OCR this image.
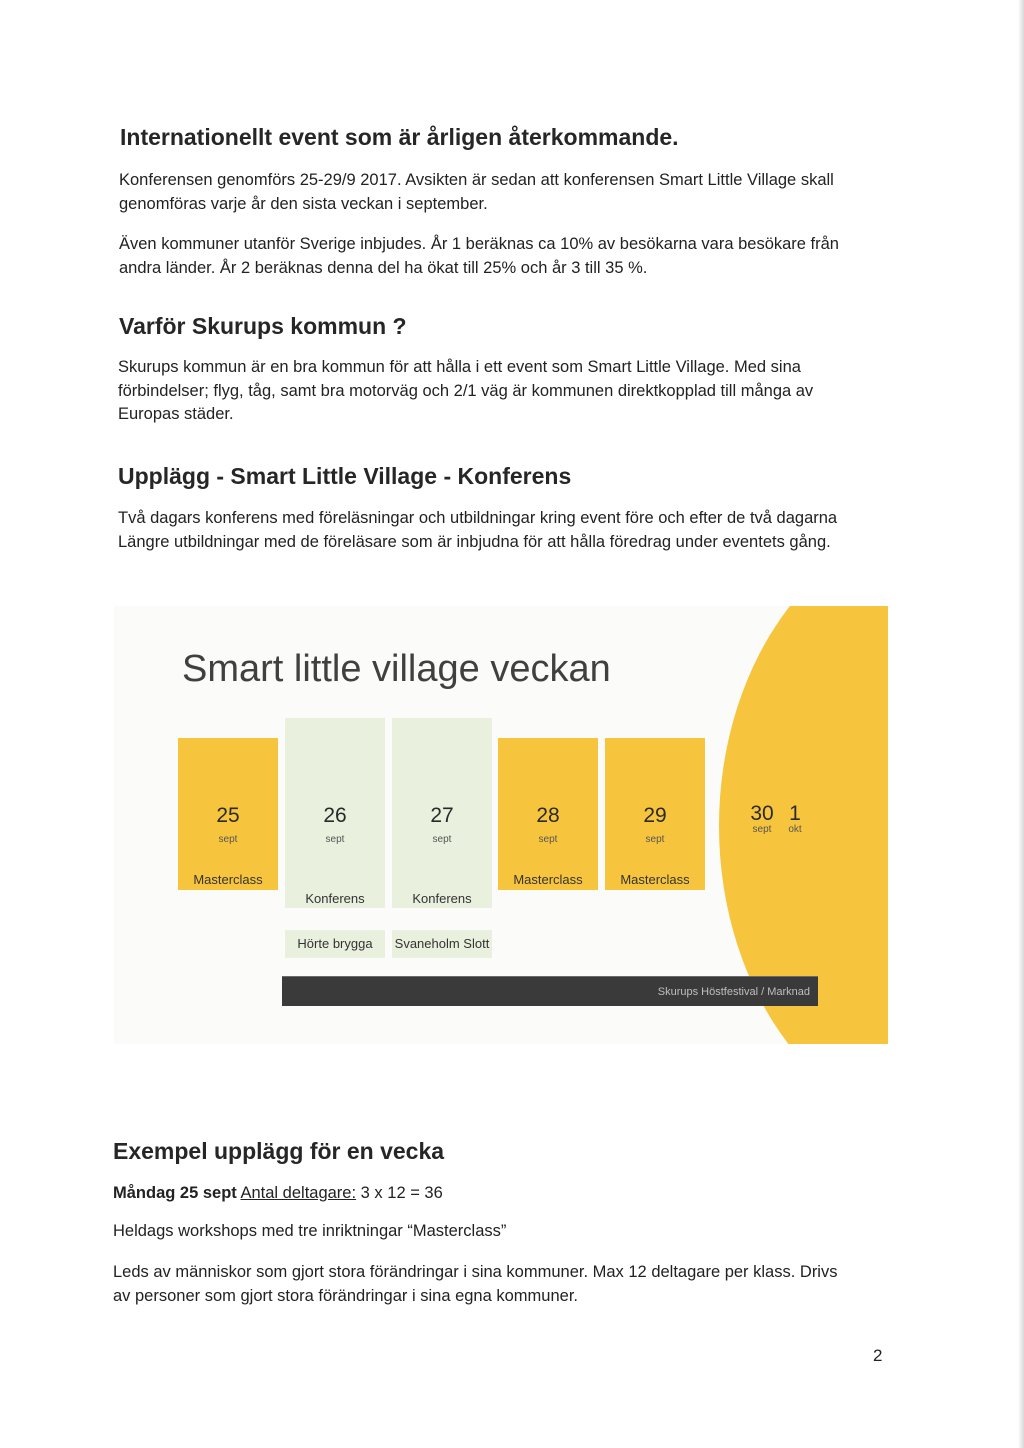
Internationellt event som är årligen återkommande.

Konferensen genomförs 25-29/9 2017. Avsikten är sedan att konferensen Smart Little Village skall genomföras varje år den sista veckan i september.

Även kommuner utanför Sverige inbjudes. År 1 beräknas ca 10% av besökarna vara besökare från andra länder. År 2 beräknas denna del ha ökat till 25% och år 3 till 35 %.

Varför Skurups kommun ?

Skurups kommun är en bra kommun för att hålla i ett event som Smart Little Village. Med sina förbindelser; flyg, tåg, samt bra motorväg och 2/1 väg är kommunen direktkopplad till många av Europas städer.

Upplägg - Smart Little Village - Konferens

Två dagars konferens med föreläsningar och utbildningar kring event före och efter de två dagarna

Längre utbildningar med de föreläsare som är inbjudna för att hålla föredrag under eventets gång.

Smart little village veckan
25
sept
Masterclass
26
sept
Konferens
27
sept
Konferens
28
sept
Masterclass
29
sept
Masterclass
Hörte brygga	Svaneholm Slott
30
sept
1
okt
Skurups Höstfestival / Marknad
Exempel upplägg för en vecka

Måndag 25 sept Antal deltagare: 3 x 12 = 36

Heldags workshops med tre inriktningar “Masterclass”

Leds av människor som gjort stora förändringar i sina kommuner. Max 12 deltagare per klass. Drivs

av personer som gjort stora förändringar i sina egna kommuner.

2
